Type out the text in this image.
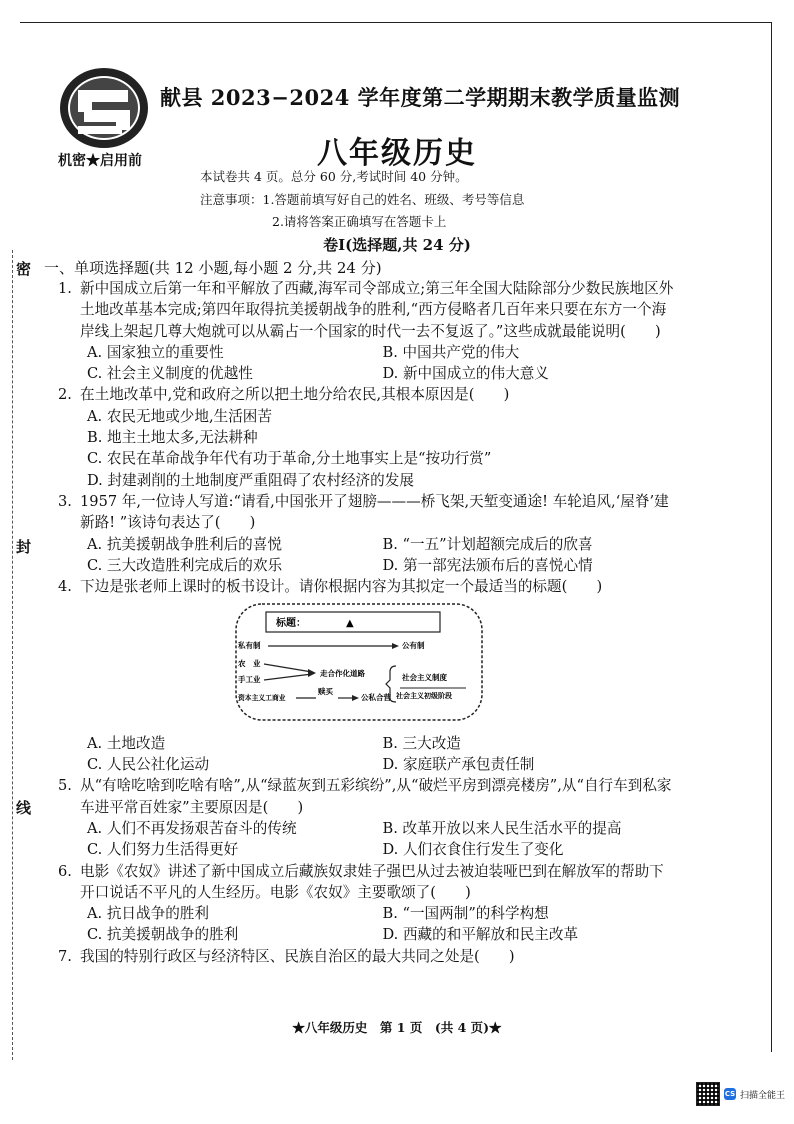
密
封
线
机密★启用前
献县 2023−2024 学年度第二学期期末教学质量监测
八年级历史
本试卷共 4 页。总分 60 分,考试时间 40 分钟。
注意事项：1.答题前填写好自己的姓名、班级、考号等信息
2.请将答案正确填写在答题卡上
卷Ⅰ(选择题,共 24 分)
一、单项选择题(共 12 小题,每小题 2 分,共 24 分)
1. 新中国成立后第一年和平解放了西藏,海军司令部成立;第三年全国大陆除部分少数民族地区外土地改革基本完成;第四年取得抗美援朝战争的胜利,“西方侵略者几百年来只要在东方一个海岸线上架起几尊大炮就可以从霸占一个国家的时代一去不复返了。”这些成就最能说明(　　)
A. 国家独立的重要性	B. 中国共产党的伟大
C. 社会主义制度的优越性	D. 新中国成立的伟大意义
2. 在土地改革中,党和政府之所以把土地分给农民,其根本原因是(　　)
A. 农民无地或少地,生活困苦
B. 地主土地太多,无法耕种
C. 农民在革命战争年代有功于革命,分土地事实上是“按功行赏”
D. 封建剥削的土地制度严重阻碍了农村经济的发展
3. 1957 年,一位诗人写道:“请看,中国张开了翅膀———桥飞架,天堑变通途! 车轮追风,‘屋脊’建新路! ”该诗句表达了(　　)
A. 抗美援朝战争胜利后的喜悦	B. “一五”计划超额完成后的欣喜
C. 三大改造胜利完成后的欢乐	D. 第一部宪法颁布后的喜悦心情
4. 下边是张老师上课时的板书设计。请你根据内容为其拟定一个最适当的标题(　　)
标题：	▲
私有制	公有制
农　业
手工业
资本主义工商业
走合作化道路
赎买
公私合营
社会主义制度
社会主义初级阶段
A. 土地改造	B. 三大改造
C. 人民公社化运动	D. 家庭联产承包责任制
5. 从“有啥吃啥到吃啥有啥”,从“绿蓝灰到五彩缤纷”,从“破烂平房到漂亮楼房”,从“自行车到私家车进平常百姓家”主要原因是(　　)
A. 人们不再发扬艰苦奋斗的传统	B. 改革开放以来人民生活水平的提高
C. 人们努力生活得更好	D. 人们衣食住行发生了变化
6. 电影《农奴》讲述了新中国成立后藏族奴隶娃子强巴从过去被迫装哑巴到在解放军的帮助下开口说话不平凡的人生经历。电影《农奴》主要歌颂了(　　)
A. 抗日战争的胜利	B. “一国两制”的科学构想
C. 抗美援朝战争的胜利	D. 西藏的和平解放和民主改革
7. 我国的特别行政区与经济特区、民族自治区的最大共同之处是(　　)
★八年级历史　第 1 页　(共 4 页)★
CS 扫描全能王
